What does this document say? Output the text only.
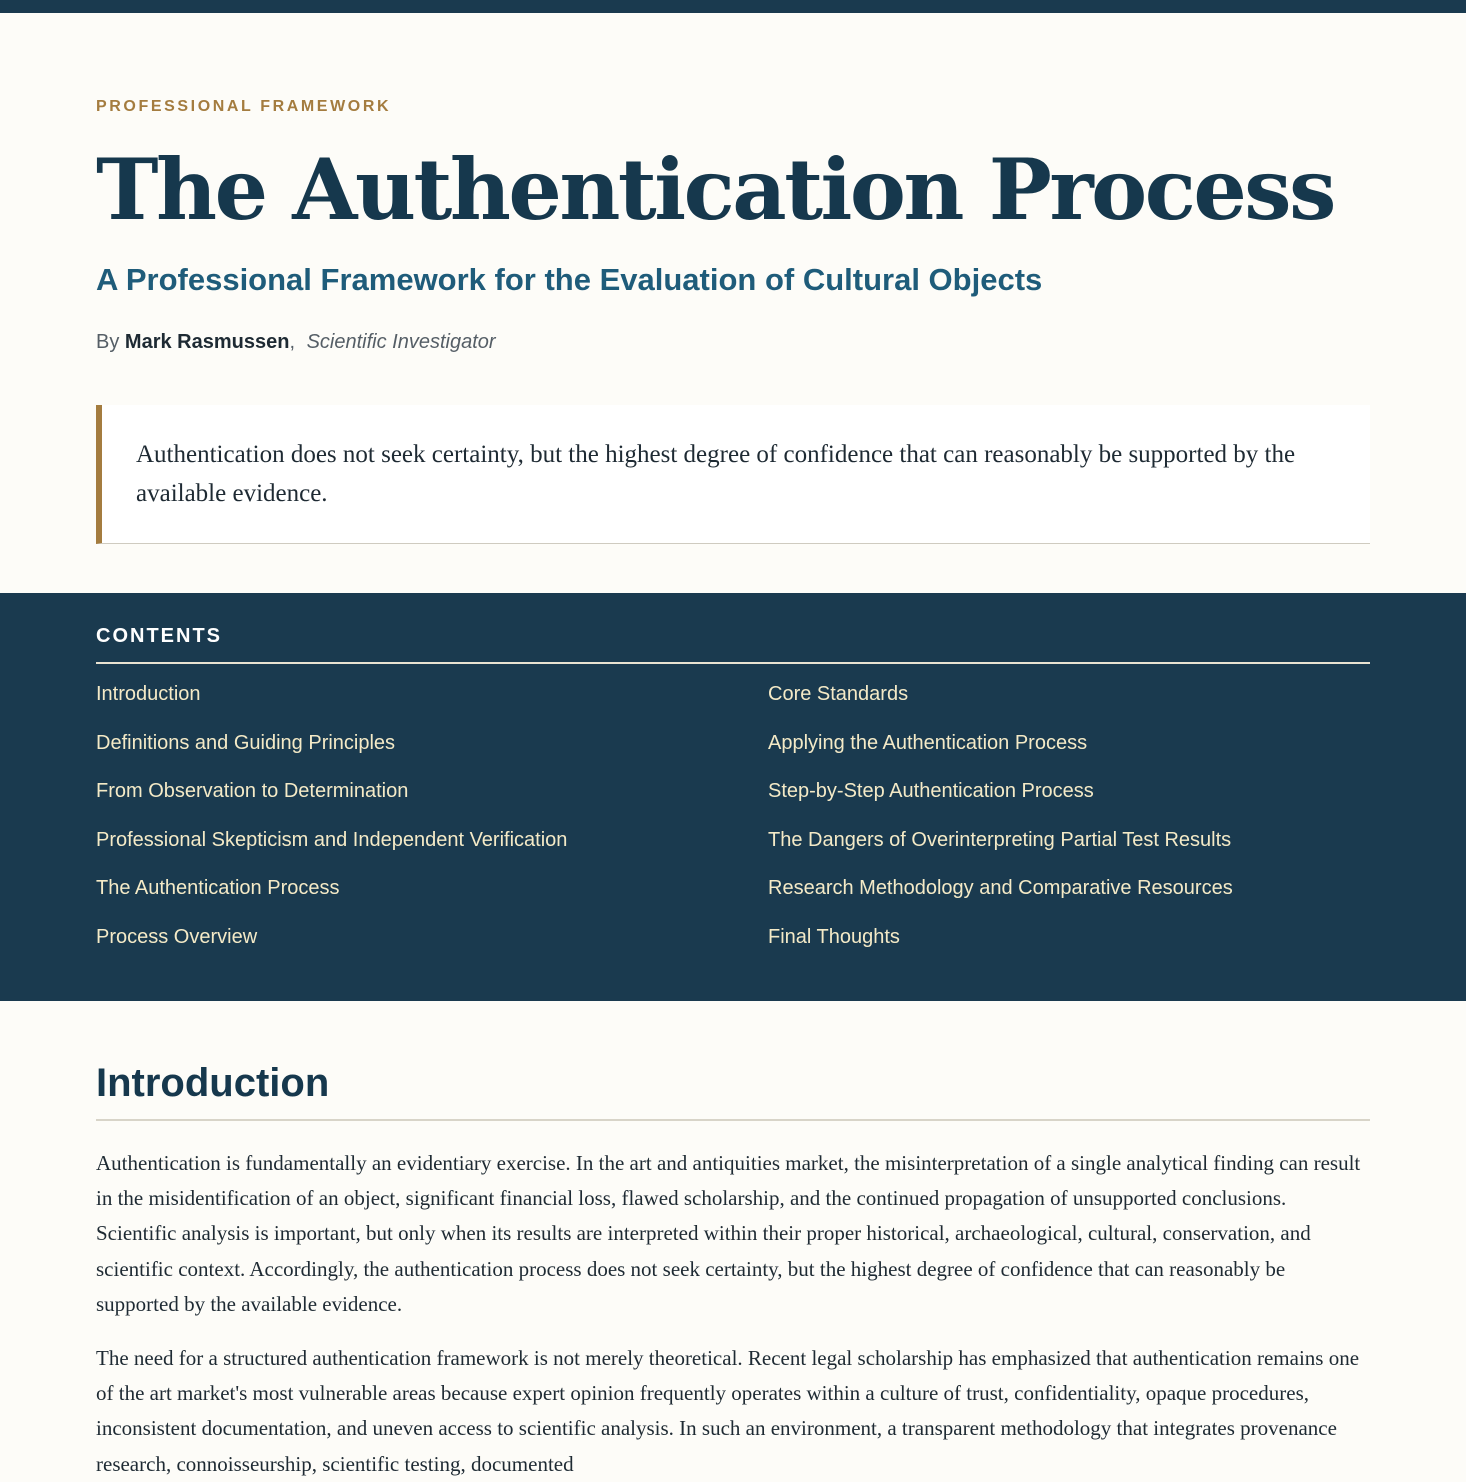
PROFESSIONAL FRAMEWORK

The Authentication Process
A Professional Framework for the Evaluation of Cultural Objects
By Mark Rasmussen, Scientific Investigator
Authentication does not seek certainty, but the highest degree of confidence that can reasonably be supported by the available evidence.
CONTENTS
Introduction	Core Standards
Definitions and Guiding Principles	Applying the Authentication Process
From Observation to Determination	Step-by-Step Authentication Process
Professional Skepticism and Independent Verification	The Dangers of Overinterpreting Partial Test Results
The Authentication Process	Research Methodology and Comparative Resources
Process Overview	Final Thoughts
Introduction

Authentication is fundamentally an evidentiary exercise. In the art and antiquities market, the misinterpretation of a single analytical finding can result in the misidentification of an object, significant financial loss, flawed scholarship, and the continued propagation of unsupported conclusions. Scientific analysis is important, but only when its results are interpreted within their proper historical, archaeological, cultural, conservation, and scientific context. Accordingly, the authentication process does not seek certainty, but the highest degree of confidence that can reasonably be supported by the available evidence.

The need for a structured authentication framework is not merely theoretical. Recent legal scholarship has emphasized that authentication remains one of the art market's most vulnerable areas because expert opinion frequently operates within a culture of trust, confidentiality, opaque procedures, inconsistent documentation, and uneven access to scientific analysis. In such an environment, a transparent methodology that integrates provenance research, connoisseurship, scientific testing, documented
